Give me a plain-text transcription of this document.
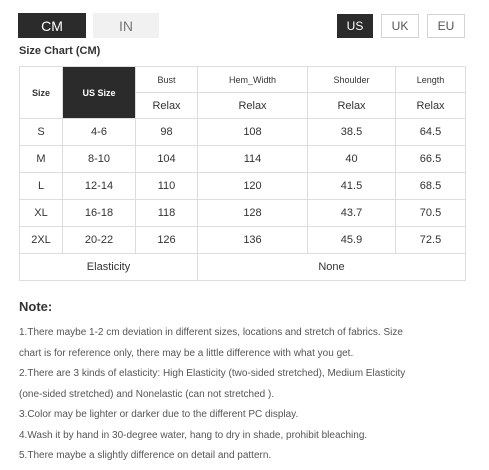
CM	IN	US	UK	EU
Size Chart (CM)
Size	US Size	Bust	Hem_Width	Shoulder	Length
		Relax	Relax	Relax	Relax
S	4-6	98	108	38.5	64.5
M	8-10	104	114	40	66.5
L	12-14	110	120	41.5	68.5
XL	16-18	118	128	43.7	70.5
2XL	20-22	126	136	45.9	72.5
Elasticity			None		
Note:

1.There maybe 1-2 cm deviation in different sizes, locations and stretch of fabrics. Size

chart is for reference only, there may be a little difference with what you get.

2.There are 3 kinds of elasticity: High Elasticity (two-sided stretched), Medium Elasticity

(one-sided stretched) and Nonelastic (can not stretched ).

3.Color may be lighter or darker due to the different PC display.

4.Wash it by hand in 30-degree water, hang to dry in shade, prohibit bleaching.

5.There maybe a slightly difference on detail and pattern.
